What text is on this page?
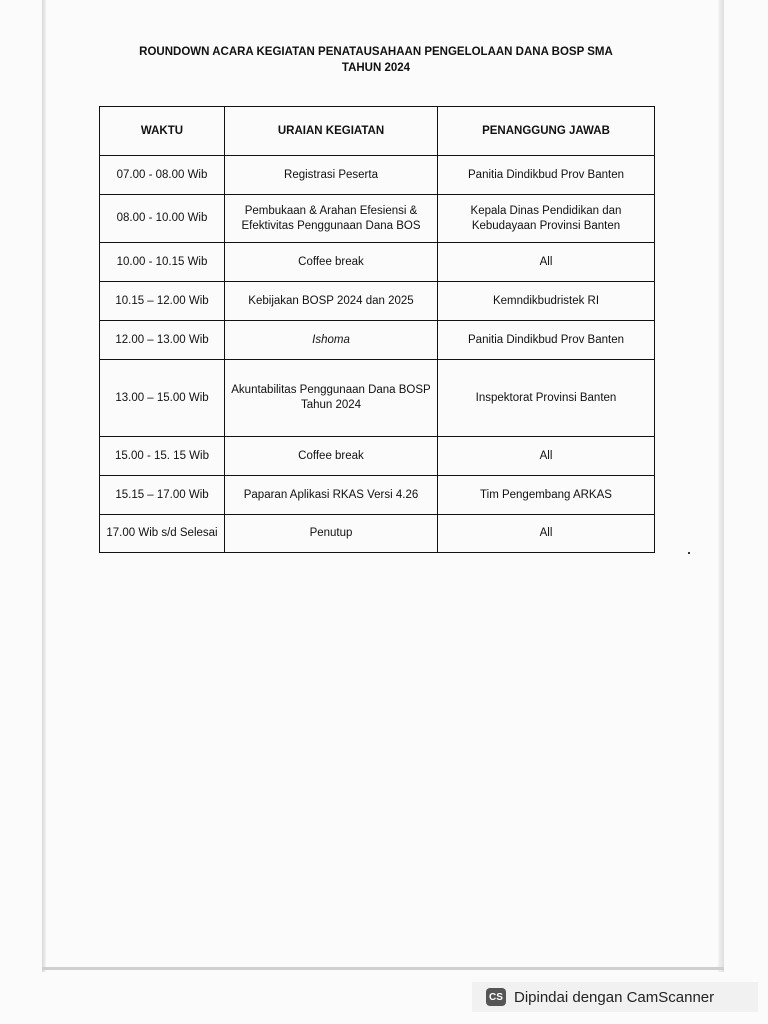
ROUNDOWN ACARA KEGIATAN PENATAUSAHAAN PENGELOLAAN DANA BOSP SMA
TAHUN 2024
WAKTU	URAIAN KEGIATAN	PENANGGUNG JAWAB
07.00 - 08.00 Wib	Registrasi Peserta	Panitia Dindikbud Prov Banten
08.00 - 10.00 Wib	Pembukaan & Arahan Efesiensi & Efektivitas Penggunaan Dana BOS	Kepala Dinas Pendidikan dan Kebudayaan Provinsi Banten
10.00 - 10.15 Wib	Coffee break	All
10.15 – 12.00 Wib	Kebijakan BOSP 2024 dan 2025	Kemndikbudristek RI
12.00 – 13.00 Wib	Ishoma	Panitia Dindikbud Prov Banten
13.00 – 15.00 Wib	Akuntabilitas Penggunaan Dana BOSP Tahun 2024	Inspektorat Provinsi Banten
15.00 - 15. 15 Wib	Coffee break	All
15.15 – 17.00 Wib	Paparan Aplikasi RKAS Versi 4.26	Tim Pengembang ARKAS
17.00 Wib s/d Selesai	Penutup	All
CS Dipindai dengan CamScanner
